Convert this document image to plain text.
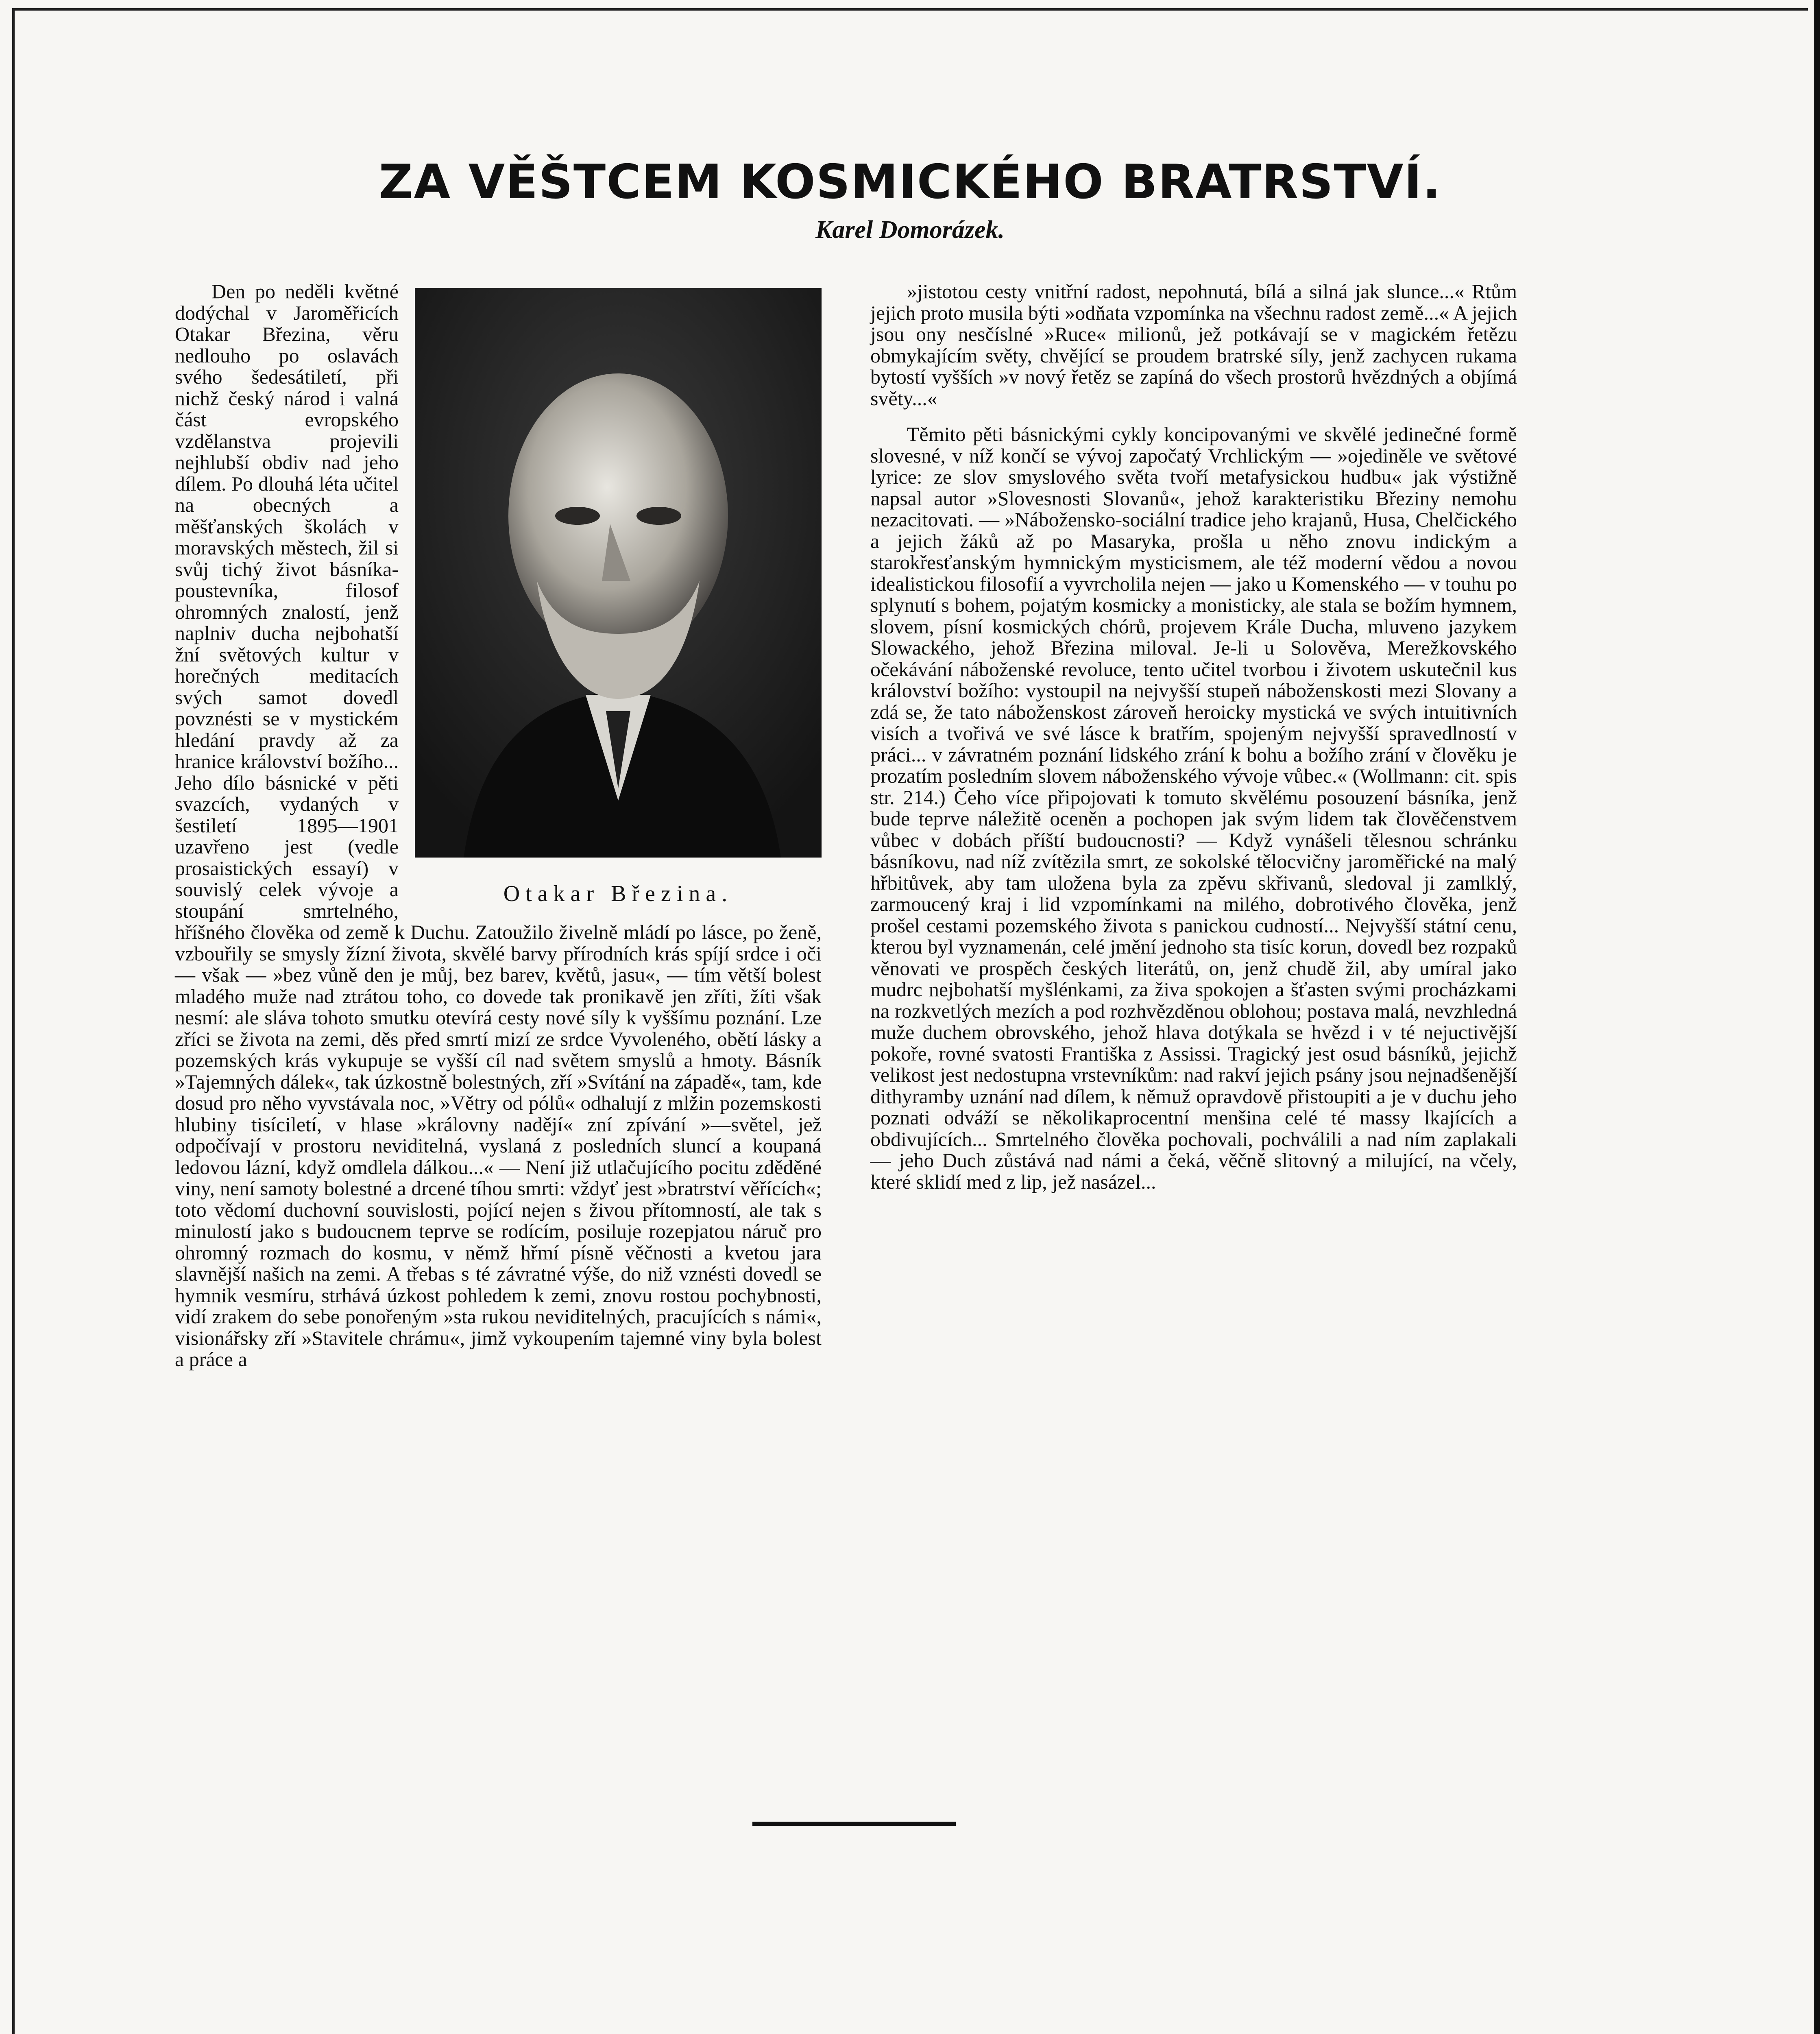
ZA VĚŠTCEM KOSMICKÉHO BRATRSTVÍ.
Karel Domorázek.
Otakar Březina.

Den po neděli květné dodýchal v Jaroměřicích Otakar Březina, věru nedlouho po oslavách svého šedesátiletí, při nichž český národ i valná část evropského vzdělanstva projevili nejhlubší obdiv nad jeho dílem. Po dlouhá léta učitel na obecných a měšťanských školách v moravských městech, žil si svůj tichý život básníka-poustevníka, filosof ohromných znalostí, jenž naplniv ducha nejbohatší žní světových kultur v horečných meditacích svých samot dovedl povznésti se v mystickém hledání pravdy až za hranice království božího... Jeho dílo básnické v pěti svazcích, vydaných v šestiletí 1895—1901 uzavřeno jest (vedle prosaistických essayí) v souvislý celek vývoje a stoupání smrtelného, hříšného člověka od země k Duchu. Zatoužilo živelně mládí po lásce, po ženě, vzbouřily se smysly žízní života, skvělé barvy přírodních krás spíjí srdce i oči — však — »bez vůně den je můj, bez barev, květů, jasu«, — tím větší bolest mladého muže nad ztrátou toho, co dovede tak pronikavě jen zříti, žíti však nesmí: ale sláva tohoto smutku otevírá cesty nové síly k vyššímu poznání. Lze zříci se života na zemi, děs před smrtí mizí ze srdce Vyvoleného, obětí lásky a pozemských krás vykupuje se vyšší cíl nad světem smyslů a hmoty. Básník »Tajemných dálek«, tak úzkostně bolestných, zří »Svítání na západě«, tam, kde dosud pro něho vyvstávala noc, »Větry od pólů« odhalují z mlžin pozemskosti hlubiny tisíciletí, v hlase »královny nadějí« zní zpívání »—světel, jež odpočívají v prostoru neviditelná, vyslaná z posledních sluncí a koupaná ledovou lázní, když omdlela dálkou...« — Není již utlačujícího pocitu zděděné viny, není samoty bolestné a drcené tíhou smrti: vždyť jest »bratrství věřících«; toto vědomí duchovní souvislosti, pojící nejen s živou přítomností, ale tak s minulostí jako s budoucnem teprve se rodícím, posiluje rozepjatou náruč pro ohromný rozmach do kosmu, v němž hřmí písně věčnosti a kvetou jara slavnější našich na zemi. A třebas s té závratné výše, do niž vznésti dovedl se hymnik vesmíru, strhává úzkost pohledem k zemi, znovu rostou pochybnosti, vidí zrakem do sebe ponořeným »sta rukou neviditelných, pracujících s námi«, visionářsky zří »Stavitele chrámu«, jimž vykoupením tajemné viny byla bolest a práce a

»jistotou cesty vnitřní radost, nepohnutá, bílá a silná jak slunce...« Rtům jejich proto musila býti »odňata vzpomínka na všechnu radost země...« A jejich jsou ony nesčíslné »Ruce« milionů, jež potkávají se v magickém řetězu obmykajícím světy, chvějící se proudem bratrské síly, jenž zachycen rukama bytostí vyšších »v nový řetěz se zapíná do všech prostorů hvězdných a objímá světy...«

Těmito pěti básnickými cykly koncipovanými ve skvělé jedinečné formě slovesné, v níž končí se vývoj započatý Vrchlickým — »ojediněle ve světové lyrice: ze slov smyslového světa tvoří metafysickou hudbu« jak výstižně napsal autor »Slovesnosti Slovanů«, jehož karakteristiku Březiny nemohu nezacitovati. — »Nábožensko-sociální tradice jeho krajanů, Husa, Chelčického a jejich žáků až po Masaryka, prošla u něho znovu indickým a starokřesťanským hymnickým mysticismem, ale též moderní vědou a novou idealistickou filosofií a vyvrcholila nejen — jako u Komenského — v touhu po splynutí s bohem, pojatým kosmicky a monisticky, ale stala se božím hymnem, slovem, písní kosmických chórů, projevem Krále Ducha, mluveno jazykem Slowackého, jehož Březina miloval. Je-li u Solověva, Merežkovského očekávání náboženské revoluce, tento učitel tvorbou i životem uskutečnil kus království božího: vystoupil na nejvyšší stupeň náboženskosti mezi Slovany a zdá se, že tato náboženskost zároveň heroicky mystická ve svých intuitivních visích a tvořivá ve své lásce k bratřím, spojeným nejvyšší spravedlností v práci... v závratném poznání lidského zrání k bohu a božího zrání v člověku je prozatím posledním slovem náboženského vývoje vůbec.« (Wollmann: cit. spis str. 214.) Čeho více připojovati k tomuto skvělému posouzení básníka, jenž bude teprve náležitě oceněn a pochopen jak svým lidem tak člověčenstvem vůbec v dobách příští budoucnosti? — Když vynášeli tělesnou schránku básníkovu, nad níž zvítězila smrt, ze sokolské tělocvičny jaroměřické na malý hřbitůvek, aby tam uložena byla za zpěvu skřivanů, sledoval ji zamlklý, zarmoucený kraj i lid vzpomínkami na milého, dobrotivého člověka, jenž prošel cestami pozemského života s panickou cudností... Nejvyšší státní cenu, kterou byl vyznamenán, celé jmění jednoho sta tisíc korun, dovedl bez rozpaků věnovati ve prospěch českých literátů, on, jenž chudě žil, aby umíral jako mudrc nejbohatší myšlénkami, za živa spokojen a šťasten svými procházkami na rozkvetlých mezích a pod rozhvězděnou oblohou; postava malá, nevzhledná muže duchem obrovského, jehož hlava dotýkala se hvězd i v té nejuctivější pokoře, rovné svatosti Františka z Assissi. Tragický jest osud básníků, jejichž velikost jest nedostupna vrstevníkům: nad rakví jejich psány jsou nejnadšenější dithyramby uznání nad dílem, k němuž opravdově přistoupiti a je v duchu jeho poznati odváží se několikaprocentní menšina celé té massy lkajících a obdivujících... Smrtelného člověka pochovali, pochválili a nad ním zaplakali — jeho Duch zůstává nad námi a čeká, věčně slitovný a milující, na včely, které sklidí med z lip, jež nasázel...
